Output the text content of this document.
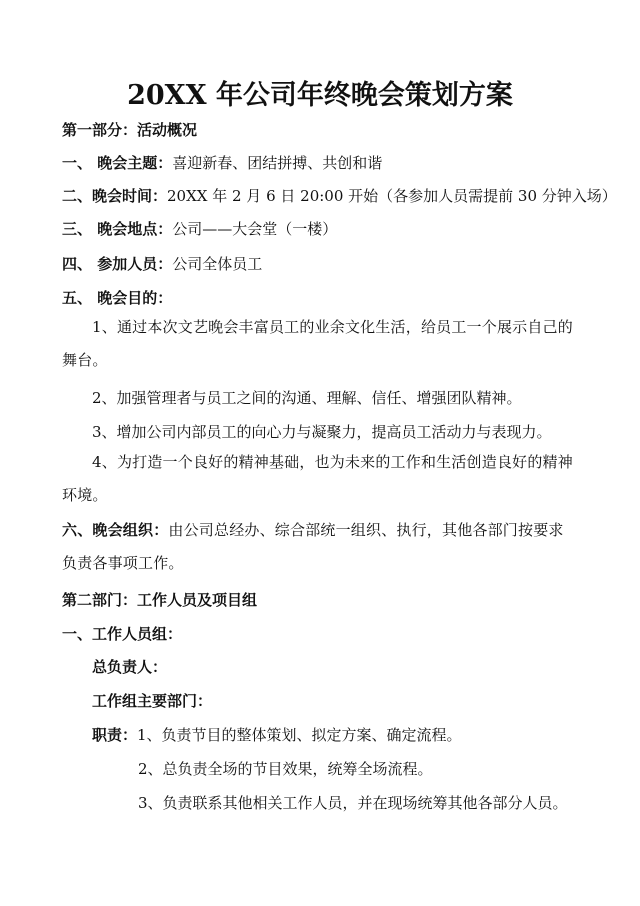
20XX 年公司年终晚会策划方案
第一部分：活动概况
一、 晚会主题：喜迎新春、团结拼搏、共创和谐
二、晚会时间：20XX 年 2 月 6 日 20:00 开始（各参加人员需提前 30 分钟入场）
三、 晚会地点：公司——大会堂（一楼）
四、 参加人员：公司全体员工
五、 晚会目的：
1、通过本次文艺晚会丰富员工的业余文化生活，给员工一个展示自己的舞台。
2、加强管理者与员工之间的沟通、理解、信任、增强团队精神。
3、增加公司内部员工的向心力与凝聚力，提高员工活动力与表现力。
4、为打造一个良好的精神基础，也为未来的工作和生活创造良好的精神环境。
六、晚会组织：由公司总经办、综合部统一组织、执行，其他各部门按要求负责各事项工作。
第二部门：工作人员及项目组
一、工作人员组：
总负责人：
工作组主要部门：
职责：1、负责节目的整体策划、拟定方案、确定流程。
2、总负责全场的节目效果，统筹全场流程。
3、负责联系其他相关工作人员，并在现场统筹其他各部分人员。
